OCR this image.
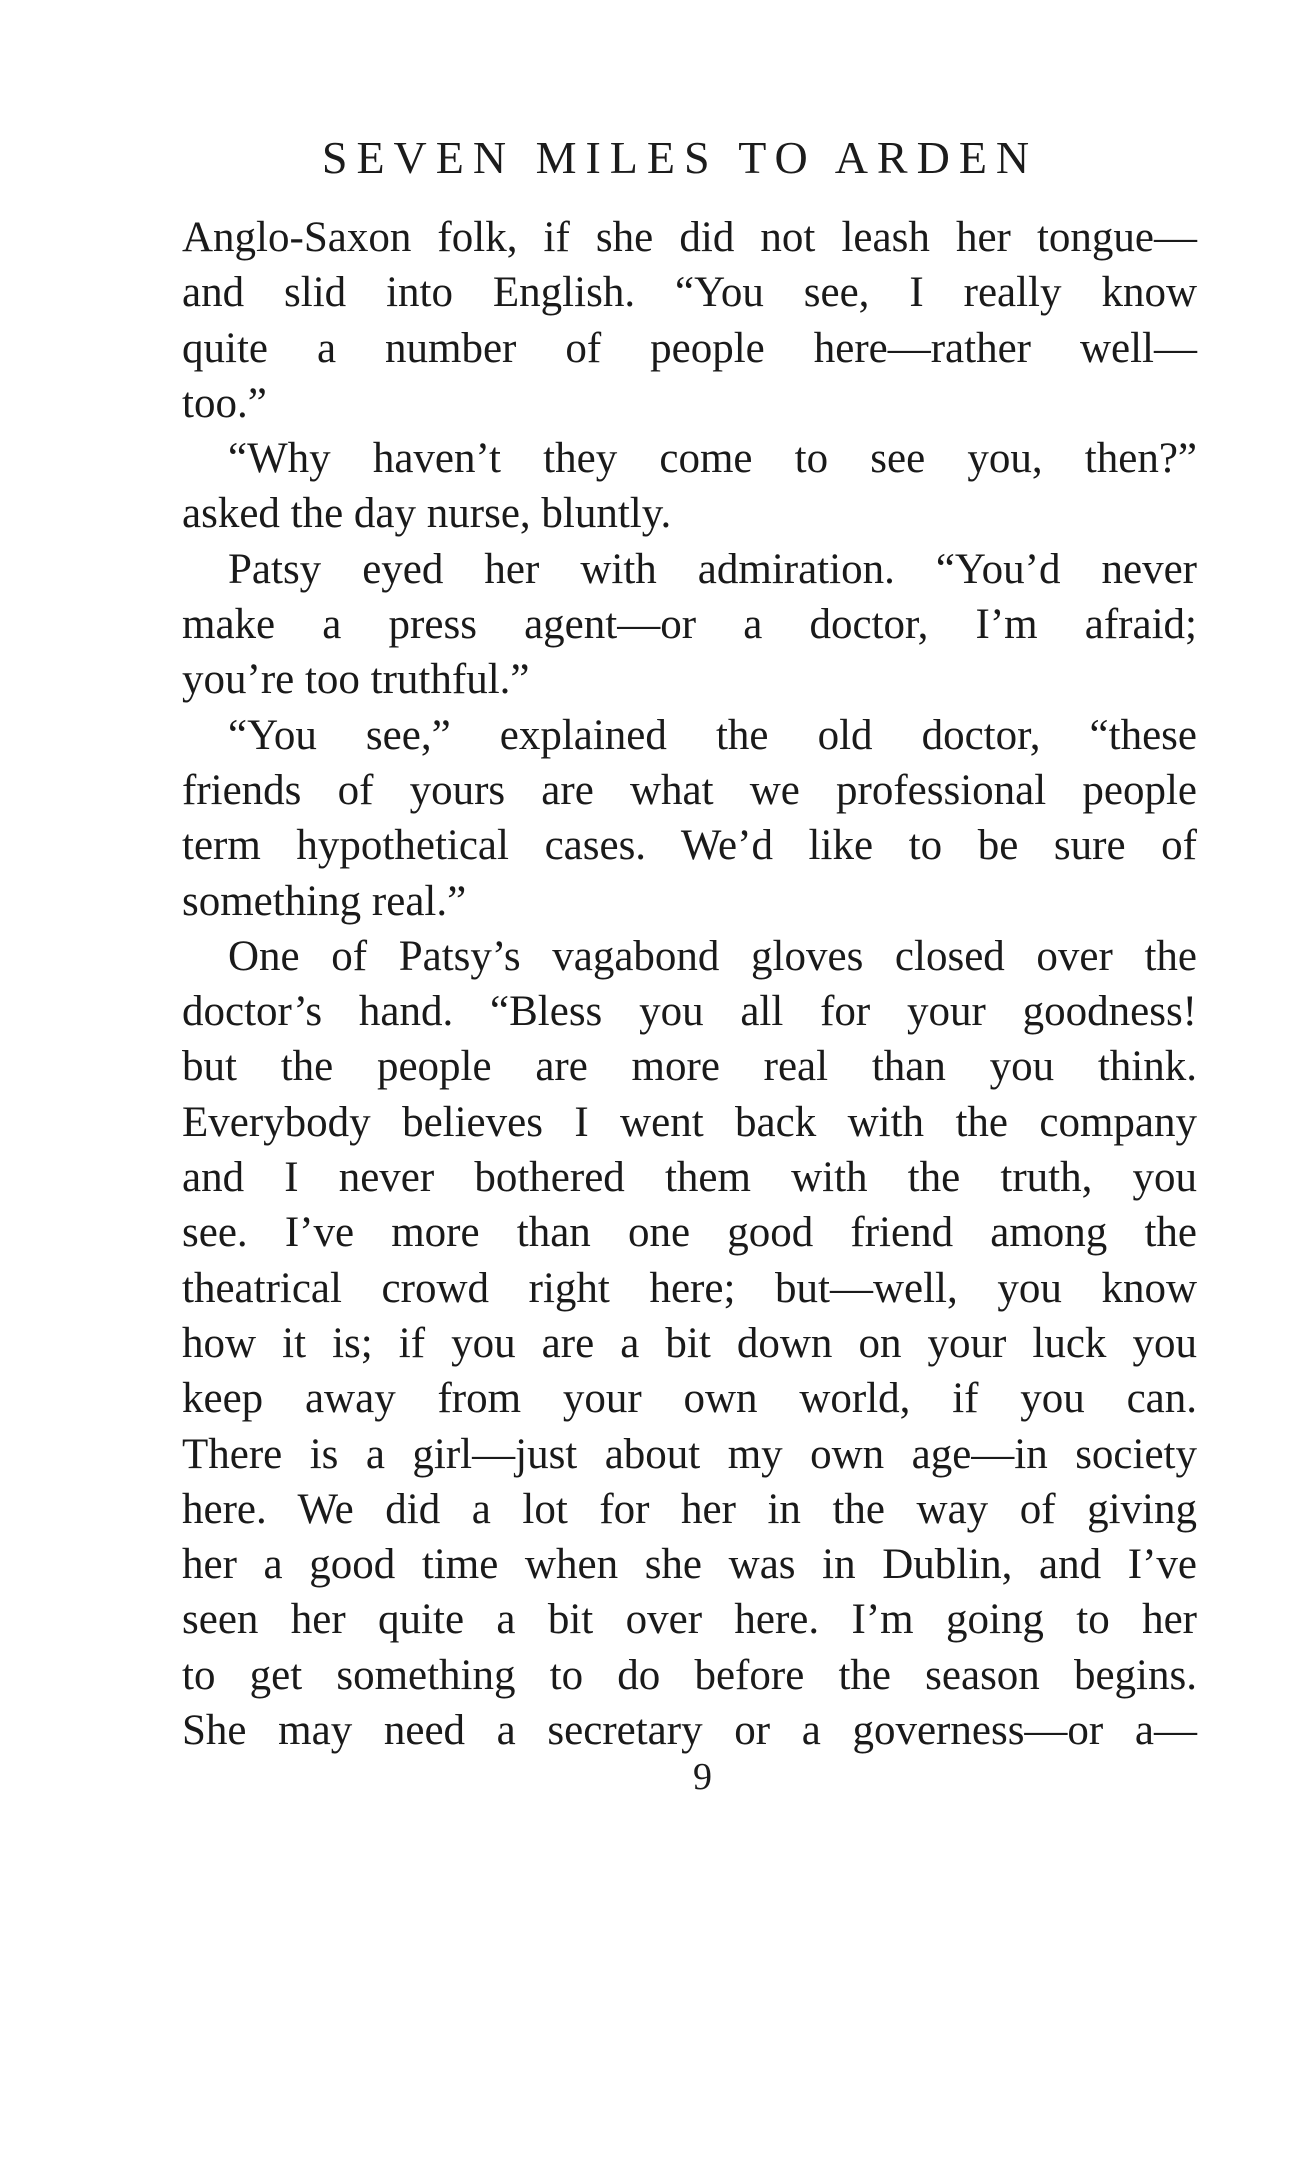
SEVEN MILES TO ARDEN
Anglo-Saxon folk, if she did not leash her tongue—
and slid into English. “You see, I really know
quite a number of people here—rather well—
too.”
“Why haven’t they come to see you, then?”
asked the day nurse, bluntly.
Patsy eyed her with admiration. “You’d never
make a press agent—or a doctor, I’m afraid;
you’re too truthful.”
“You see,” explained the old doctor, “these
friends of yours are what we professional people
term hypothetical cases. We’d like to be sure of
something real.”
One of Patsy’s vagabond gloves closed over the
doctor’s hand. “Bless you all for your goodness!
but the people are more real than you think.
Everybody believes I went back with the company
and I never bothered them with the truth, you
see. I’ve more than one good friend among the
theatrical crowd right here; but—well, you know
how it is; if you are a bit down on your luck you
keep away from your own world, if you can.
There is a girl—just about my own age—in society
here. We did a lot for her in the way of giving
her a good time when she was in Dublin, and I’ve
seen her quite a bit over here. I’m going to her
to get something to do before the season begins.
She may need a secretary or a governess—or a—
9
